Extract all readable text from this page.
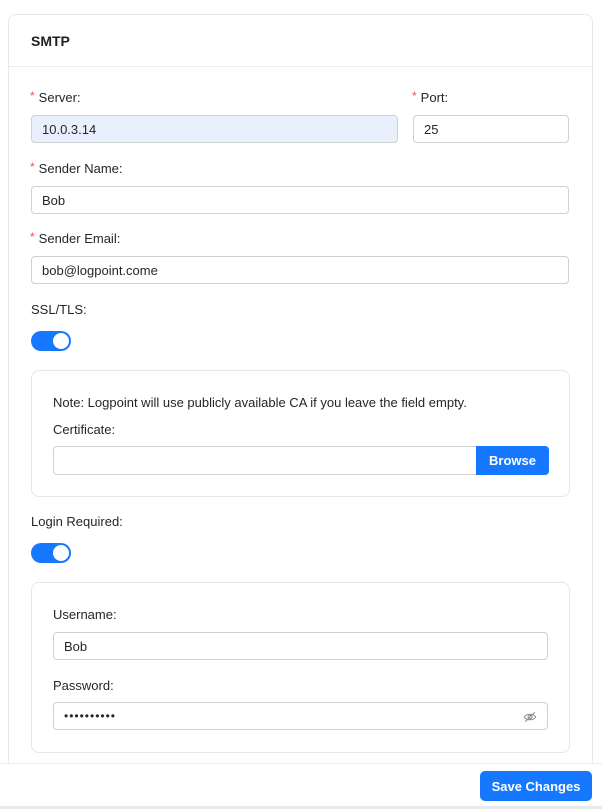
SMTP
* Server:
10.0.3.14	* Port:
25
* Sender Name:
Bob
* Sender Email:
bob@logpoint.come
SSL/TLS:
Note: Logpoint will use publicly available CA if you leave the field empty.
Certificate:
Browse
Login Required:
Username:
Bob
Password:
••••••••••
Save Changes
